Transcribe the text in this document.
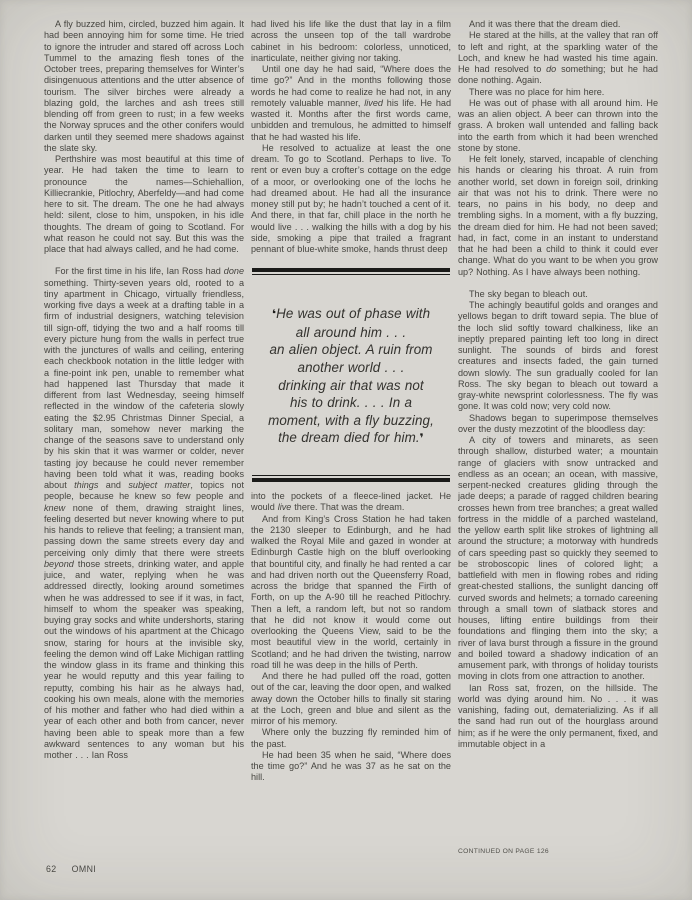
A fly buzzed him, circled, buzzed him again. It had been annoying him for some time. He tried to ignore the intruder and stared off across Loch Tummel to the amazing flesh tones of the October trees, preparing themselves for Winter’s disingenuous attentions and the utter absence of tourism. The silver birches were already a blazing gold, the larches and ash trees still blending off from green to rust; in a few weeks the Norway spruces and the other conifers would darken until they seemed mere shadows against the slate sky.

Perthshire was most beautiful at this time of year. He had taken the time to learn to pronounce the names—Schiehallion, Killiecrankie, Pitlochry, Aberfeldy—and had come here to sit. The dream. The one he had always held: silent, close to him, unspoken, in his idle thoughts. The dream of going to Scotland. For what reason he could not say. But this was the place that had always called, and he had come.

For the first time in his life, Ian Ross had done something. Thirty-seven years old, rooted to a tiny apartment in Chicago, virtually friendless, working five days a week at a drafting table in a firm of industrial designers, watching television till sign-off, tidying the two and a half rooms till every picture hung from the walls in perfect true with the junctures of walls and ceiling, entering each checkbook notation in the little ledger with a fine-point ink pen, unable to remember what had happened last Thursday that made it different from last Wednesday, seeing himself reflected in the window of the cafeteria slowly eating the $2.95 Christmas Dinner Special, a solitary man, somehow never marking the change of the seasons save to understand only by his skin that it was warmer or colder, never tasting joy because he could never remember having been told what it was, reading books about things and subject matter, topics not people, because he knew so few people and knew none of them, drawing straight lines, feeling deserted but never knowing where to put his hands to relieve that feeling; a transient man, passing down the same streets every day and perceiving only dimly that there were streets beyond those streets, drinking water, and apple juice, and water, replying when he was addressed directly, looking around sometimes when he was addressed to see if it was, in fact, himself to whom the speaker was speaking, buying gray socks and white undershorts, staring out the windows of his apartment at the Chicago snow, staring for hours at the invisible sky, feeling the demon wind off Lake Michigan rattling the window glass in its frame and thinking this year he would reputty and this year failing to reputty, combing his hair as he always had, cooking his own meals, alone with the memories of his mother and father who had died within a year of each other and both from cancer, never having been able to speak more than a few awkward sentences to any woman but his mother . . . Ian Ross

had lived his life like the dust that lay in a film across the unseen top of the tall wardrobe cabinet in his bedroom: colorless, unnoticed, inarticulate, neither giving nor taking.

Until one day he had said, “Where does the time go?” And in the months following those words he had come to realize he had not, in any remotely valuable manner, lived his life. He had wasted it. Months after the first words came, unbidden and tremulous, he admitted to himself that he had wasted his life.

He resolved to actualize at least the one dream. To go to Scotland. Perhaps to live. To rent or even buy a crofter’s cottage on the edge of a moor, or overlooking one of the lochs he had dreamed about. He had all the insurance money still put by; he hadn’t touched a cent of it. And there, in that far, chill place in the north he would live . . . walking the hills with a dog by his side, smoking a pipe that trailed a fragrant pennant of blue-white smoke, hands thrust deep

❛He was out of phase with
all around him . . .
an alien object. A ruin from
another world . . .
drinking air that was not
his to drink. . . . In a
moment, with a fly buzzing,
the dream died for him.❜

into the pockets of a fleece-lined jacket. He would live there. That was the dream.

And from King’s Cross Station he had taken the 2130 sleeper to Edinburgh, and he had walked the Royal Mile and gazed in wonder at Edinburgh Castle high on the bluff overlooking that bountiful city, and finally he had rented a car and had driven north out the Queensferry Road, across the bridge that spanned the Firth of Forth, on up the A-90 till he reached Pitlochry. Then a left, a random left, but not so random that he did not know it would come out overlooking the Queens View, said to be the most beautiful view in the world, certainly in Scotland; and he had driven the twisting, narrow road till he was deep in the hills of Perth.

And there he had pulled off the road, gotten out of the car, leaving the door open, and walked away down the October hills to finally sit staring at the Loch, green and blue and silent as the mirror of his memory.

Where only the buzzing fly reminded him of the past.

He had been 35 when he said, “Where does the time go?” And he was 37 as he sat on the hill.

And it was there that the dream died.

He stared at the hills, at the valley that ran off to left and right, at the sparkling water of the Loch, and knew he had wasted his time again. He had resolved to do something; but he had done nothing. Again.

There was no place for him here.

He was out of phase with all around him. He was an alien object. A beer can thrown into the grass. A broken wall untended and falling back into the earth from which it had been wrenched stone by stone.

He felt lonely, starved, incapable of clenching his hands or clearing his throat. A ruin from another world, set down in foreign soil, drinking air that was not his to drink. There were no tears, no pains in his body, no deep and trembling sighs. In a moment, with a fly buzzing, the dream died for him. He had not been saved; had, in fact, come in an instant to understand that he had been a child to think it could ever change. What do you want to be when you grow up? Nothing. As I have always been nothing.

The sky began to bleach out.

The achingly beautiful golds and oranges and yellows began to drift toward sepia. The blue of the loch slid softly toward chalkiness, like an ineptly prepared painting left too long in direct sunlight. The sounds of birds and forest creatures and insects faded, the gain turned down slowly. The sun gradually cooled for Ian Ross. The sky began to bleach out toward a gray-white newsprint colorlessness. The fly was gone. It was cold now; very cold now.

Shadows began to superimpose themselves over the dusty mezzotint of the bloodless day:

A city of towers and minarets, as seen through shallow, disturbed water; a mountain range of glaciers with snow untracked and endless as an ocean; an ocean, with massive, serpent-necked creatures gliding through the jade deeps; a parade of ragged children bearing crosses hewn from tree branches; a great walled fortress in the middle of a parched wasteland, the yellow earth split like strokes of lightning all around the structure; a motorway with hundreds of cars speeding past so quickly they seemed to be stroboscopic lines of colored light; a battlefield with men in flowing robes and riding great-chested stallions, the sunlight dancing off curved swords and helmets; a tornado careening through a small town of slatback stores and houses, lifting entire buildings from their foundations and flinging them into the sky; a river of lava burst through a fissure in the ground and boiled toward a shadowy indication of an amusement park, with throngs of holiday tourists moving in clots from one attraction to another.

Ian Ross sat, frozen, on the hillside. The world was dying around him. No . . . it was vanishing, fading out, dematerializing. As if all the sand had run out of the hourglass around him; as if he were the only permanent, fixed, and immutable object in a

62 OMNI
CONTINUED ON PAGE 126
